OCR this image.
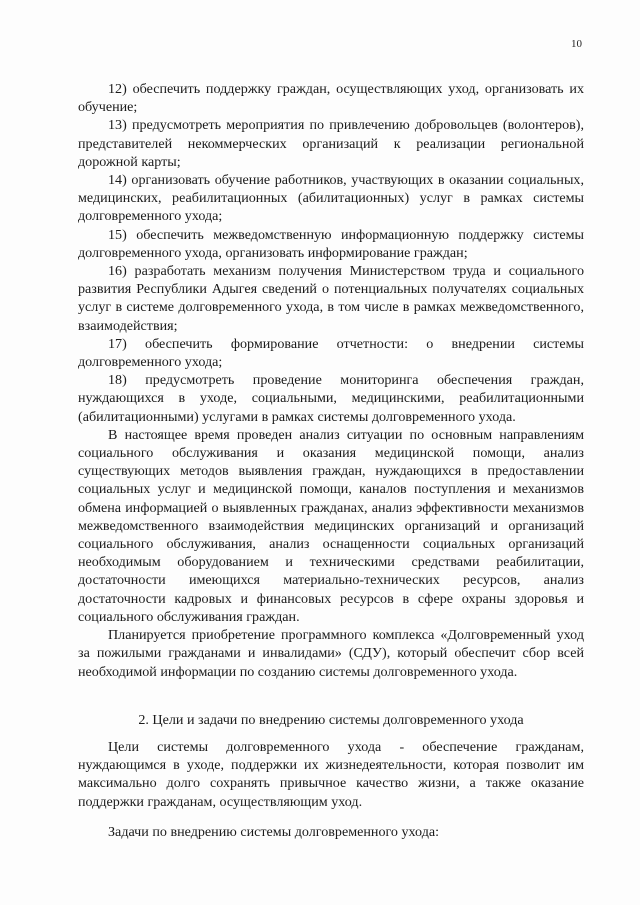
10

12) обеспечить поддержку граждан, осуществляющих уход, организовать их обучение;

13) предусмотреть мероприятия по привлечению добровольцев (волонтеров), представителей некоммерческих организаций к реализации региональной дорожной карты;

14) организовать обучение работников, участвующих в оказании социальных, медицинских, реабилитационных (абилитационных) услуг в рамках системы долговременного ухода;

15) обеспечить межведомственную информационную поддержку системы долговременного ухода, организовать информирование граждан;

16) разработать механизм получения Министерством труда и социального развития Республики Адыгея сведений о потенциальных получателях социальных услуг в системе долговременного ухода, в том числе в рамках межведомственного, взаимодействия;

17) обеспечить формирование отчетности: о внедрении системы долговременного ухода;

18) предусмотреть проведение мониторинга обеспечения граждан, нуждающихся в уходе, социальными, медицинскими, реабилитационными (абилитационными) услугами в рамках системы долговременного ухода.

В настоящее время проведен анализ ситуации по основным направлениям социального обслуживания и оказания медицинской помощи, анализ существующих методов выявления граждан, нуждающихся в предоставлении социальных услуг и медицинской помощи, каналов поступления и механизмов обмена информацией о выявленных гражданах, анализ эффективности механизмов межведомственного взаимодействия медицинских организаций и организаций социального обслуживания, анализ оснащенности социальных организаций необходимым оборудованием и техническими средствами реабилитации, достаточности имеющихся материально-технических ресурсов, анализ достаточности кадровых и финансовых ресурсов в сфере охраны здоровья и социального обслуживания граждан.

Планируется приобретение программного комплекса «Долговременный уход за пожилыми гражданами и инвалидами» (СДУ), который обеспечит сбор всей необходимой информации по созданию системы долговременного ухода.

2. Цели и задачи по внедрению системы долговременного ухода

Цели системы долговременного ухода - обеспечение гражданам, нуждающимся в уходе, поддержки их жизнедеятельности, которая позволит им максимально долго сохранять привычное качество жизни, а также оказание поддержки гражданам, осуществляющим уход.

Задачи по внедрению системы долговременного ухода:
